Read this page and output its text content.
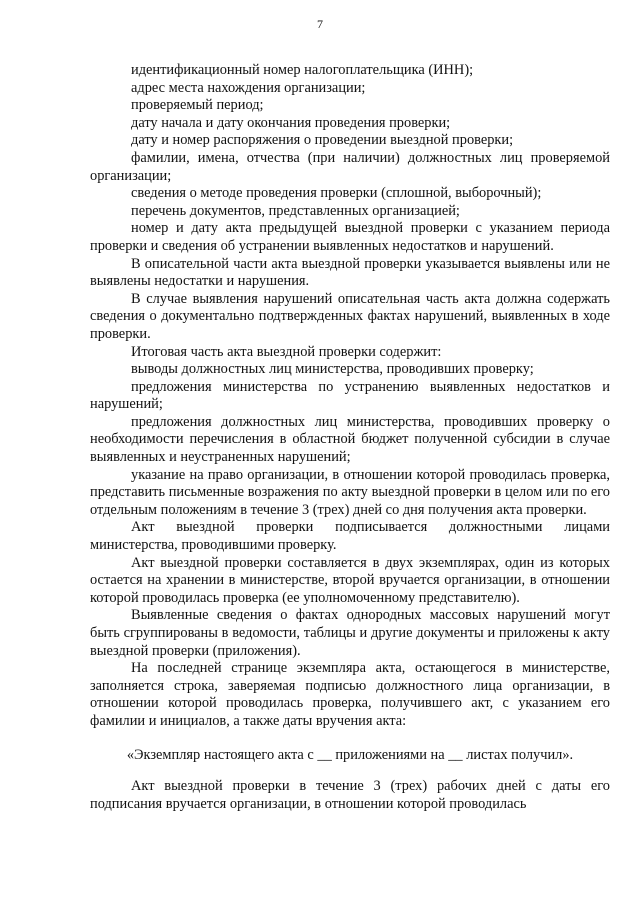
7

идентификационный номер налогоплательщика (ИНН);

адрес места нахождения организации;

проверяемый период;

дату начала и дату окончания проведения проверки;

дату и номер распоряжения о проведении выездной проверки;

фамилии, имена, отчества (при наличии) должностных лиц проверяемой организации;

сведения о методе проведения проверки (сплошной, выборочный);

перечень документов, представленных организацией;

номер и дату акта предыдущей выездной проверки с указанием периода проверки и сведения об устранении выявленных недостатков и нарушений.

В описательной части акта выездной проверки указывается выявлены или не выявлены недостатки и нарушения.

В случае выявления нарушений описательная часть акта должна содержать сведения о документально подтвержденных фактах нарушений, выявленных в ходе проверки.

Итоговая часть акта выездной проверки содержит:

выводы должностных лиц министерства, проводивших проверку;

предложения министерства по устранению выявленных недостатков и нарушений;

предложения должностных лиц министерства, проводивших проверку о необходимости перечисления в областной бюджет полученной субсидии в случае выявленных и неустраненных нарушений;

указание на право организации, в отношении которой проводилась проверка, представить письменные возражения по акту выездной проверки в целом или по его отдельным положениям в течение 3 (трех) дней со дня получения акта проверки.

Акт выездной проверки подписывается должностными лицами министерства, проводившими проверку.

Акт выездной проверки составляется в двух экземплярах, один из которых остается на хранении в министерстве, второй вручается организации, в отношении которой проводилась проверка (ее уполномоченному представителю).

Выявленные сведения о фактах однородных массовых нарушений могут быть сгруппированы в ведомости, таблицы и другие документы и приложены к акту выездной проверки (приложения).

На последней странице экземпляра акта, остающегося в министерстве, заполняется строка, заверяемая подписью должностного лица организации, в отношении которой проводилась проверка, получившего акт, с указанием его фамилии и инициалов, а также даты вручения акта:

«Экземпляр настоящего акта с __ приложениями на __ листах получил».

Акт выездной проверки в течение 3 (трех) рабочих дней с даты его подписания вручается организации, в отношении которой проводилась
